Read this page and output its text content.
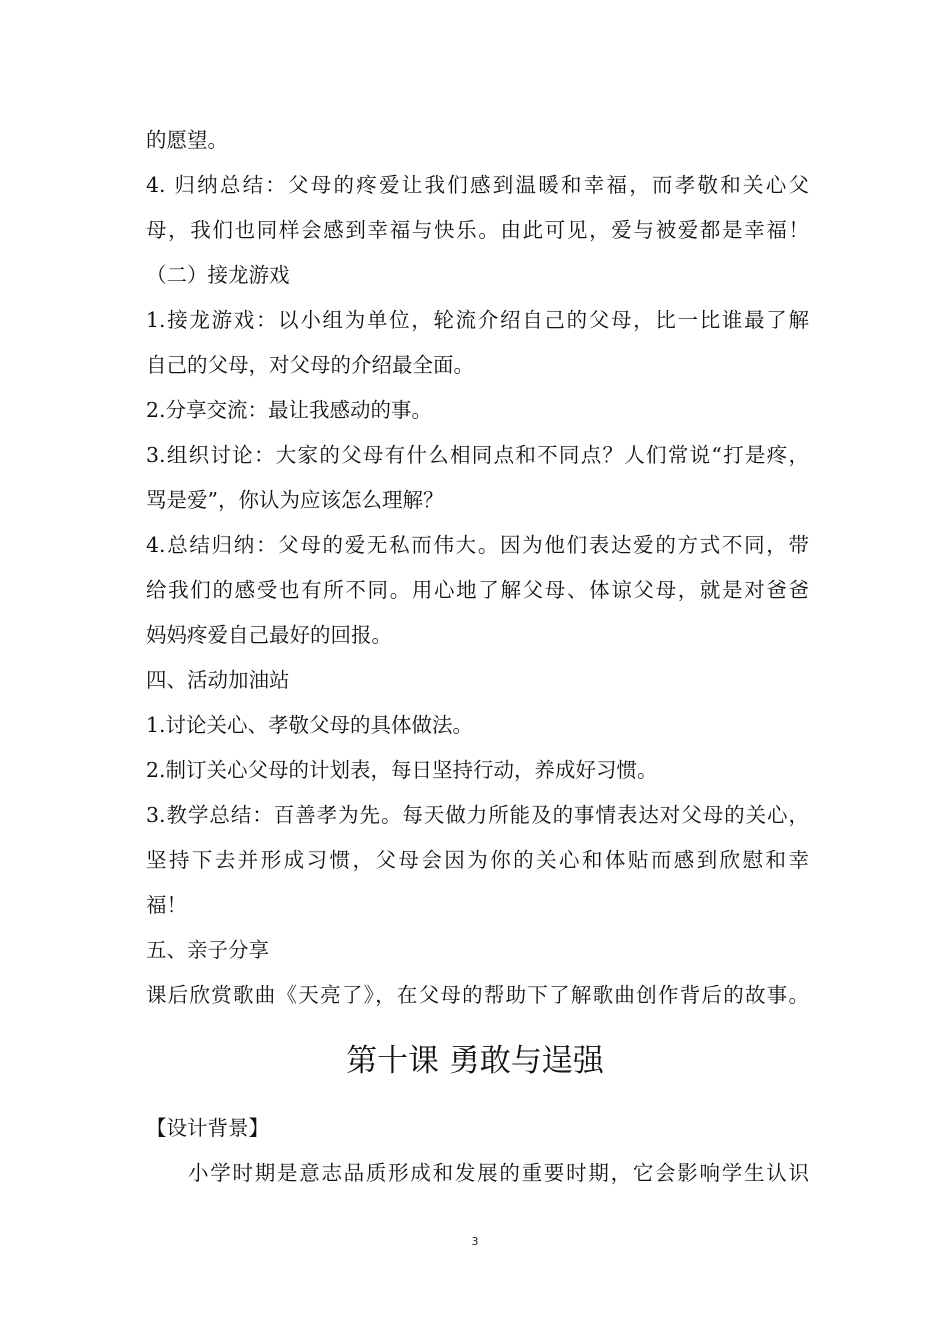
的愿望。
4. 归纳总结：父母的疼爱让我们感到温暖和幸福，而孝敬和关心父
母，我们也同样会感到幸福与快乐。由此可见，爱与被爱都是幸福！
（二）接龙游戏
1.接龙游戏：以小组为单位，轮流介绍自己的父母，比一比谁最了解
自己的父母，对父母的介绍最全面。
2.分享交流：最让我感动的事。
3.组织讨论：大家的父母有什么相同点和不同点？人们常说“打是疼，
骂是爱”，你认为应该怎么理解？
4.总结归纳：父母的爱无私而伟大。因为他们表达爱的方式不同，带
给我们的感受也有所不同。用心地了解父母、体谅父母，就是对爸爸
妈妈疼爱自己最好的回报。
四、活动加油站
1.讨论关心、孝敬父母的具体做法。
2.制订关心父母的计划表，每日坚持行动，养成好习惯。
3.教学总结：百善孝为先。每天做力所能及的事情表达对父母的关心，
坚持下去并形成习惯，父母会因为你的关心和体贴而感到欣慰和幸
福！
五、亲子分享
课后欣赏歌曲《天亮了》，在父母的帮助下了解歌曲创作背后的故事。
第十课 勇敢与逞强
【设计背景】
小学时期是意志品质形成和发展的重要时期，它会影响学生认识
3
